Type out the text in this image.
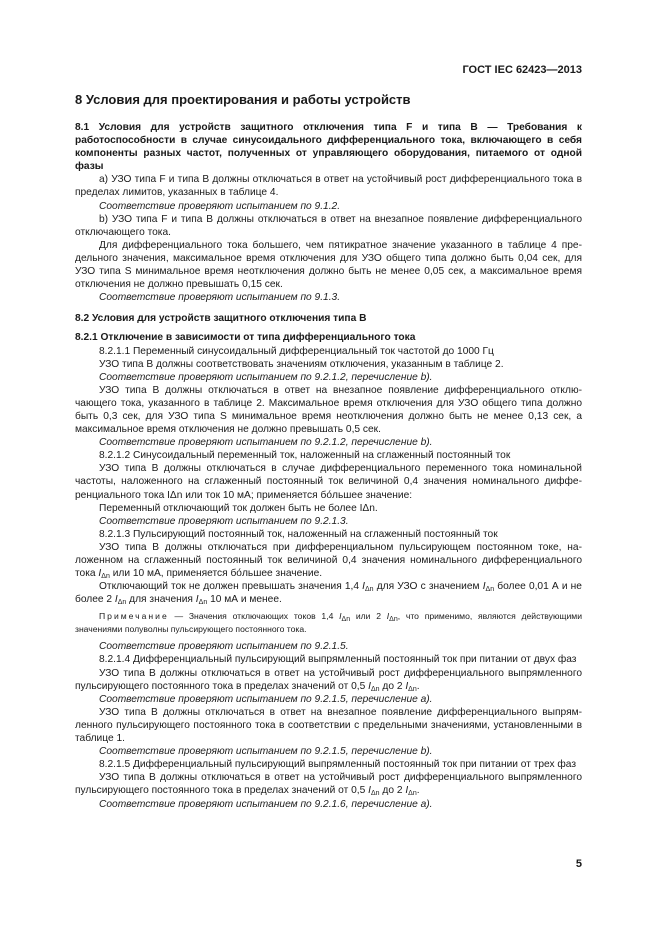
ГОСТ IEC 62423—2013
8 Условия для проектирования и работы устройств

8.1 Условия для устройств защитного отключения типа F и типа В — Требования к работоспособности в случае синусоидального дифференциального тока, включающего в себя компоненты разных частот, полученных от управляющего оборудования, питаемого от одной фазы

а) УЗО типа F и типа В должны отключаться в ответ на устойчивый рост дифференциального тока в пределах лимитов, указанных в таблице 4.

Соответствие проверяют испытанием по 9.1.2.

b) УЗО типа F и типа В должны отключаться в ответ на внезапное появление дифференциального отключающего тока.

Для дифференциального тока большего, чем пятикратное значение указанного в таблице 4 предельного значения, максимальное время отключения для УЗО общего типа должно быть 0,04 сек, для УЗО типа S минимальное время неотключения должно быть не менее 0,05 сек, а максимальное время отключения не должно превышать 0,15 сек.

Соответствие проверяют испытанием по 9.1.3.

8.2 Условия для устройств защитного отключения типа В

8.2.1 Отключение в зависимости от типа дифференциального тока

8.2.1.1 Переменный синусоидальный дифференциальный ток частотой до 1000 Гц

УЗО типа В должны соответствовать значениям отключения, указанным в таблице 2.

Соответствие проверяют испытанием по 9.2.1.2, перечисление b).

УЗО типа В должны отключаться в ответ на внезапное появление дифференциального отключающего тока, указанного в таблице 2. Максимальное время отключения для УЗО общего типа должно быть 0,3 сек, для УЗО типа S минимальное время неотключения должно быть не менее 0,13 сек, а максимальное время отключения не должно превышать 0,5 сек.

Соответствие проверяют испытанием по 9.2.1.2, перечисление b).

8.2.1.2 Синусоидальный переменный ток, наложенный на сглаженный постоянный ток

УЗО типа В должны отключаться в случае дифференциального переменного тока номинальной частоты, наложенного на сглаженный постоянный ток величиной 0,4 значения номинального дифференциального тока IΔn или ток 10 мА; применяется бо́льшее значение:

Переменный отключающий ток должен быть не более IΔn.

Соответствие проверяют испытанием по 9.2.1.3.

8.2.1.3 Пульсирующий постоянный ток, наложенный на сглаженный постоянный ток

УЗО типа В должны отключаться при дифференциальном пульсирующем постоянном токе, наложенном на сглаженный постоянный ток величиной 0,4 значения номинального дифференциального тока $I_{\Delta n}$ или 10 мА, применяется бо́льшее значение.

Отключающий ток не должен превышать значения 1,4 $I_{\Delta n}$ для УЗО с значением $I_{\Delta n}$ более 0,01 А и не более 2 $I_{\Delta n}$ для значения $I_{\Delta n}$ 10 мА и менее.

Примечание — Значения отключающих токов 1,4 $I_{\Delta n}$ или 2 $I_{\Delta n}$, что применимо, являются действующими значениями полуволны пульсирующего постоянного тока.

Соответствие проверяют испытанием по 9.2.1.5.

8.2.1.4 Дифференциальный пульсирующий выпрямленный постоянный ток при питании от двух фаз

УЗО типа В должны отключаться в ответ на устойчивый рост дифференциального выпрямленного пульсирующего постоянного тока в пределах значений от 0,5 $I_{\Delta n}$ до 2 $I_{\Delta n}$.

Соответствие проверяют испытанием по 9.2.1.5, перечисление а).

УЗО типа В должны отключаться в ответ на внезапное появление дифференциального выпрямленного пульсирующего постоянного тока в соответствии с предельными значениями, установленными в таблице 1.

Соответствие проверяют испытанием по 9.2.1.5, перечисление b).

8.2.1.5 Дифференциальный пульсирующий выпрямленный постоянный ток при питании от трех фаз

УЗО типа В должны отключаться в ответ на устойчивый рост дифференциального выпрямленного пульсирующего постоянного тока в пределах значений от 0,5 $I_{\Delta n}$ до 2 $I_{\Delta n}$.

Соответствие проверяют испытанием по 9.2.1.6, перечисление а).

5
